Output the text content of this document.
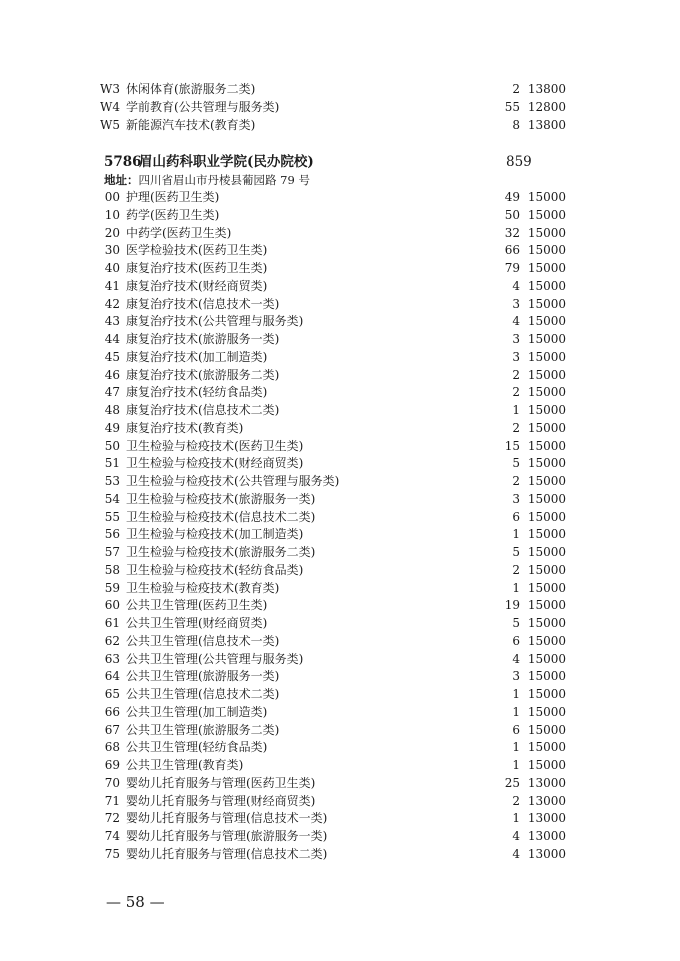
W3 休闲体育(旅游服务二类)	2 13800
W4 学前教育(公共管理与服务类)	55 12800
W5 新能源汽车技术(教育类)	8 13800
5786
眉山药科职业学院(民办院校)	859
地址：四川省眉山市丹棱县葡园路 79 号
00 护理(医药卫生类)	49 15000
10 药学(医药卫生类)	50 15000
20 中药学(医药卫生类)	32 15000
30 医学检验技术(医药卫生类)	66 15000
40 康复治疗技术(医药卫生类)	79 15000
41 康复治疗技术(财经商贸类)	4 15000
42 康复治疗技术(信息技术一类)	3 15000
43 康复治疗技术(公共管理与服务类)	4 15000
44 康复治疗技术(旅游服务一类)	3 15000
45 康复治疗技术(加工制造类)	3 15000
46 康复治疗技术(旅游服务二类)	2 15000
47 康复治疗技术(轻纺食品类)	2 15000
48 康复治疗技术(信息技术二类)	1 15000
49 康复治疗技术(教育类)	2 15000
50 卫生检验与检疫技术(医药卫生类)	15 15000
51 卫生检验与检疫技术(财经商贸类)	5 15000
53 卫生检验与检疫技术(公共管理与服务类)	2 15000
54 卫生检验与检疫技术(旅游服务一类)	3 15000
55 卫生检验与检疫技术(信息技术二类)	6 15000
56 卫生检验与检疫技术(加工制造类)	1 15000
57 卫生检验与检疫技术(旅游服务二类)	5 15000
58 卫生检验与检疫技术(轻纺食品类)	2 15000
59 卫生检验与检疫技术(教育类)	1 15000
60 公共卫生管理(医药卫生类)	19 15000
61 公共卫生管理(财经商贸类)	5 15000
62 公共卫生管理(信息技术一类)	6 15000
63 公共卫生管理(公共管理与服务类)	4 15000
64 公共卫生管理(旅游服务一类)	3 15000
65 公共卫生管理(信息技术二类)	1 15000
66 公共卫生管理(加工制造类)	1 15000
67 公共卫生管理(旅游服务二类)	6 15000
68 公共卫生管理(轻纺食品类)	1 15000
69 公共卫生管理(教育类)	1 15000
70 婴幼儿托育服务与管理(医药卫生类)	25 13000
71 婴幼儿托育服务与管理(财经商贸类)	2 13000
72 婴幼儿托育服务与管理(信息技术一类)	1 13000
74 婴幼儿托育服务与管理(旅游服务一类)	4 13000
75 婴幼儿托育服务与管理(信息技术二类)	4 13000
— 58 —
